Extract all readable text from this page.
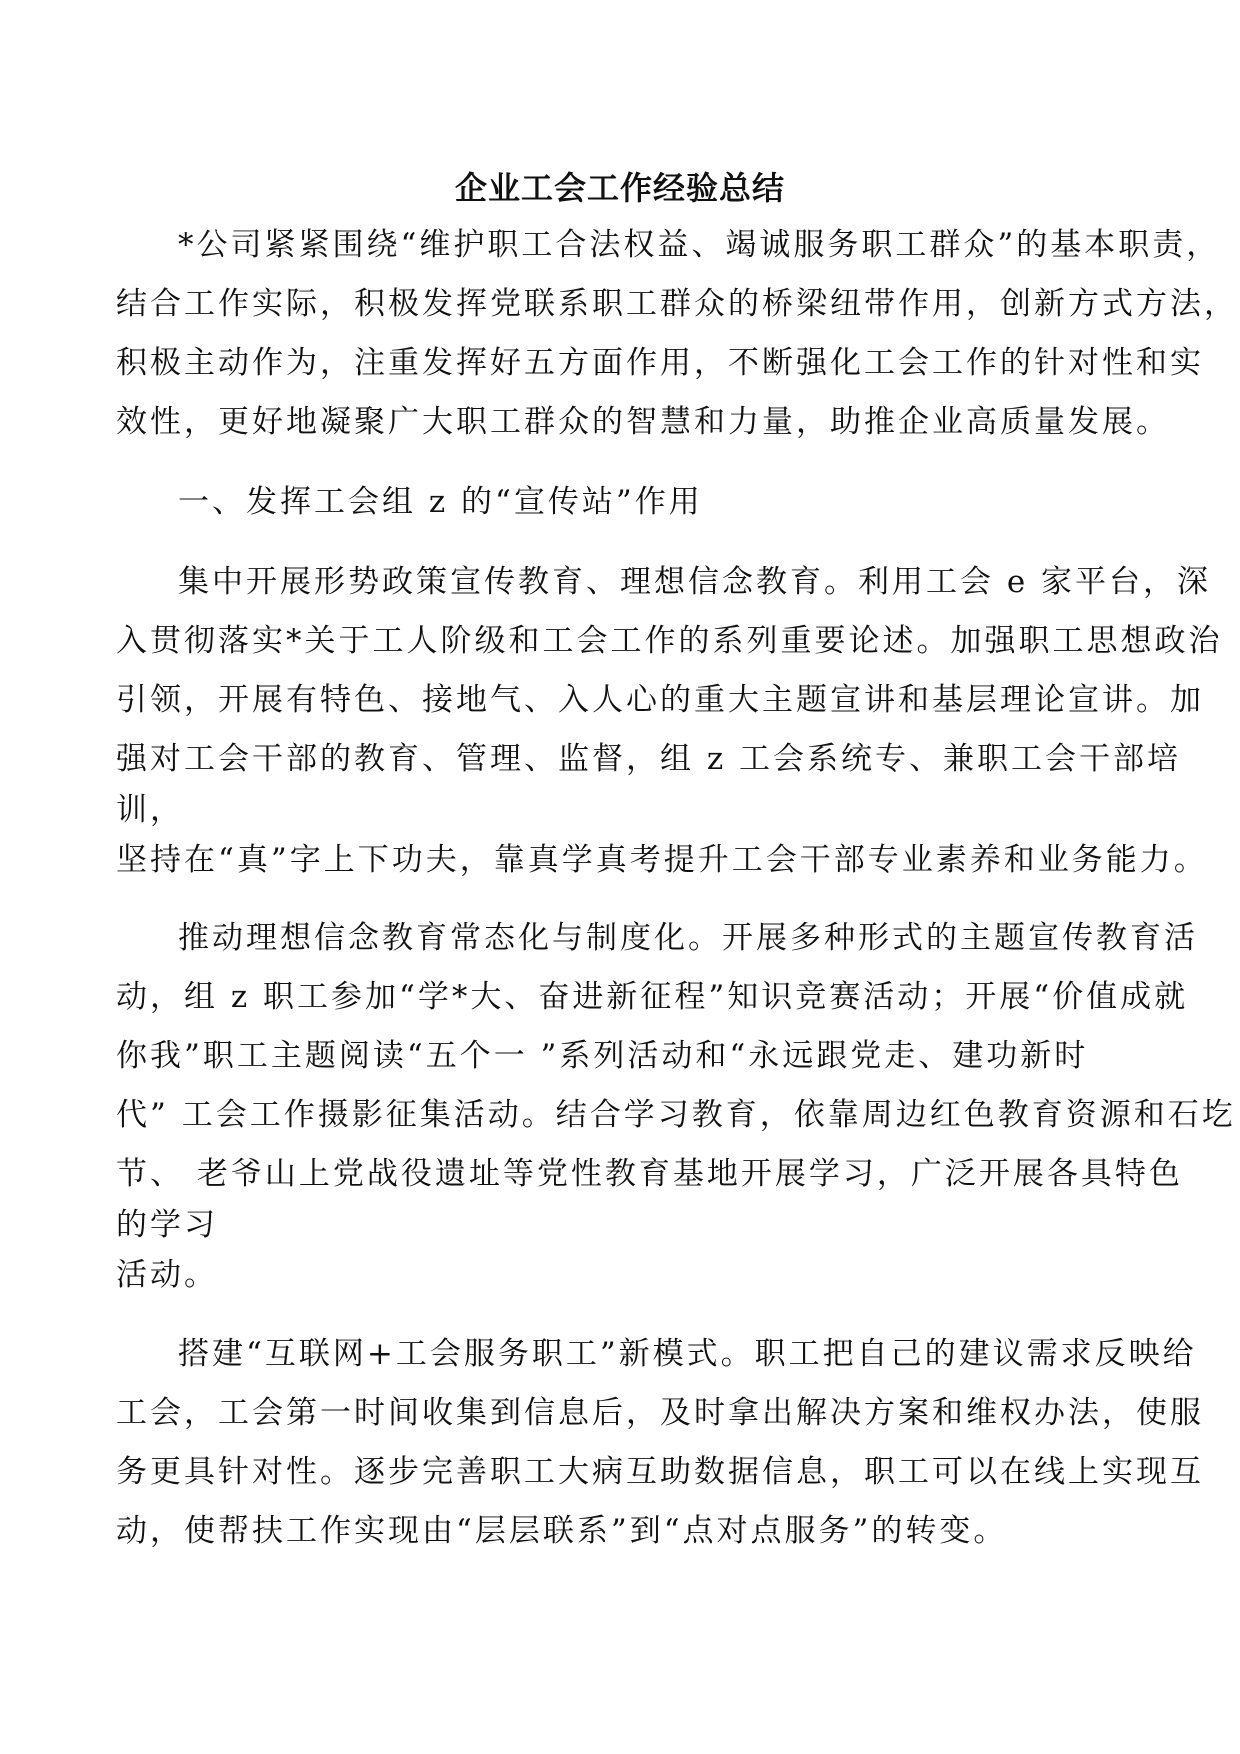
企业工会工作经验总结
*公司紧紧围绕“维护职工合法权益、竭诚服务职工群众”的基本职责，
结合工作实际，积极发挥党联系职工群众的桥梁纽带作用，创新方式方法，
积极主动作为，注重发挥好五方面作用，不断强化工会工作的针对性和实
效性，更好地凝聚广大职工群众的智慧和力量，助推企业高质量发展。
一、发挥工会组 z 的“宣传站”作用
集中开展形势政策宣传教育、理想信念教育。利用工会 e 家平台，深
入贯彻落实*关于工人阶级和工会工作的系列重要论述。加强职工思想政治
引领，开展有特色、接地气、入人心的重大主题宣讲和基层理论宣讲。加
强对工会干部的教育、管理、监督，组 z 工会系统专、兼职工会干部培
训，
坚持在“真”字上下功夫，靠真学真考提升工会干部专业素养和业务能力。
推动理想信念教育常态化与制度化。开展多种形式的主题宣传教育活
动，组 z 职工参加“学*大、奋进新征程”知识竞赛活动；开展“价值成就
你我”职工主题阅读“五个一 ”系列活动和“永远跟党走、建功新时
代” 工会工作摄影征集活动。结合学习教育，依靠周边红色教育资源和石圪
节、 老爷山上党战役遗址等党性教育基地开展学习，广泛开展各具特色
的学习
活动。
搭建“互联网+工会服务职工”新模式。职工把自己的建议需求反映给
工会，工会第一时间收集到信息后，及时拿出解决方案和维权办法，使服
务更具针对性。逐步完善职工大病互助数据信息，职工可以在线上实现互
动，使帮扶工作实现由“层层联系”到“点对点服务”的转变。
